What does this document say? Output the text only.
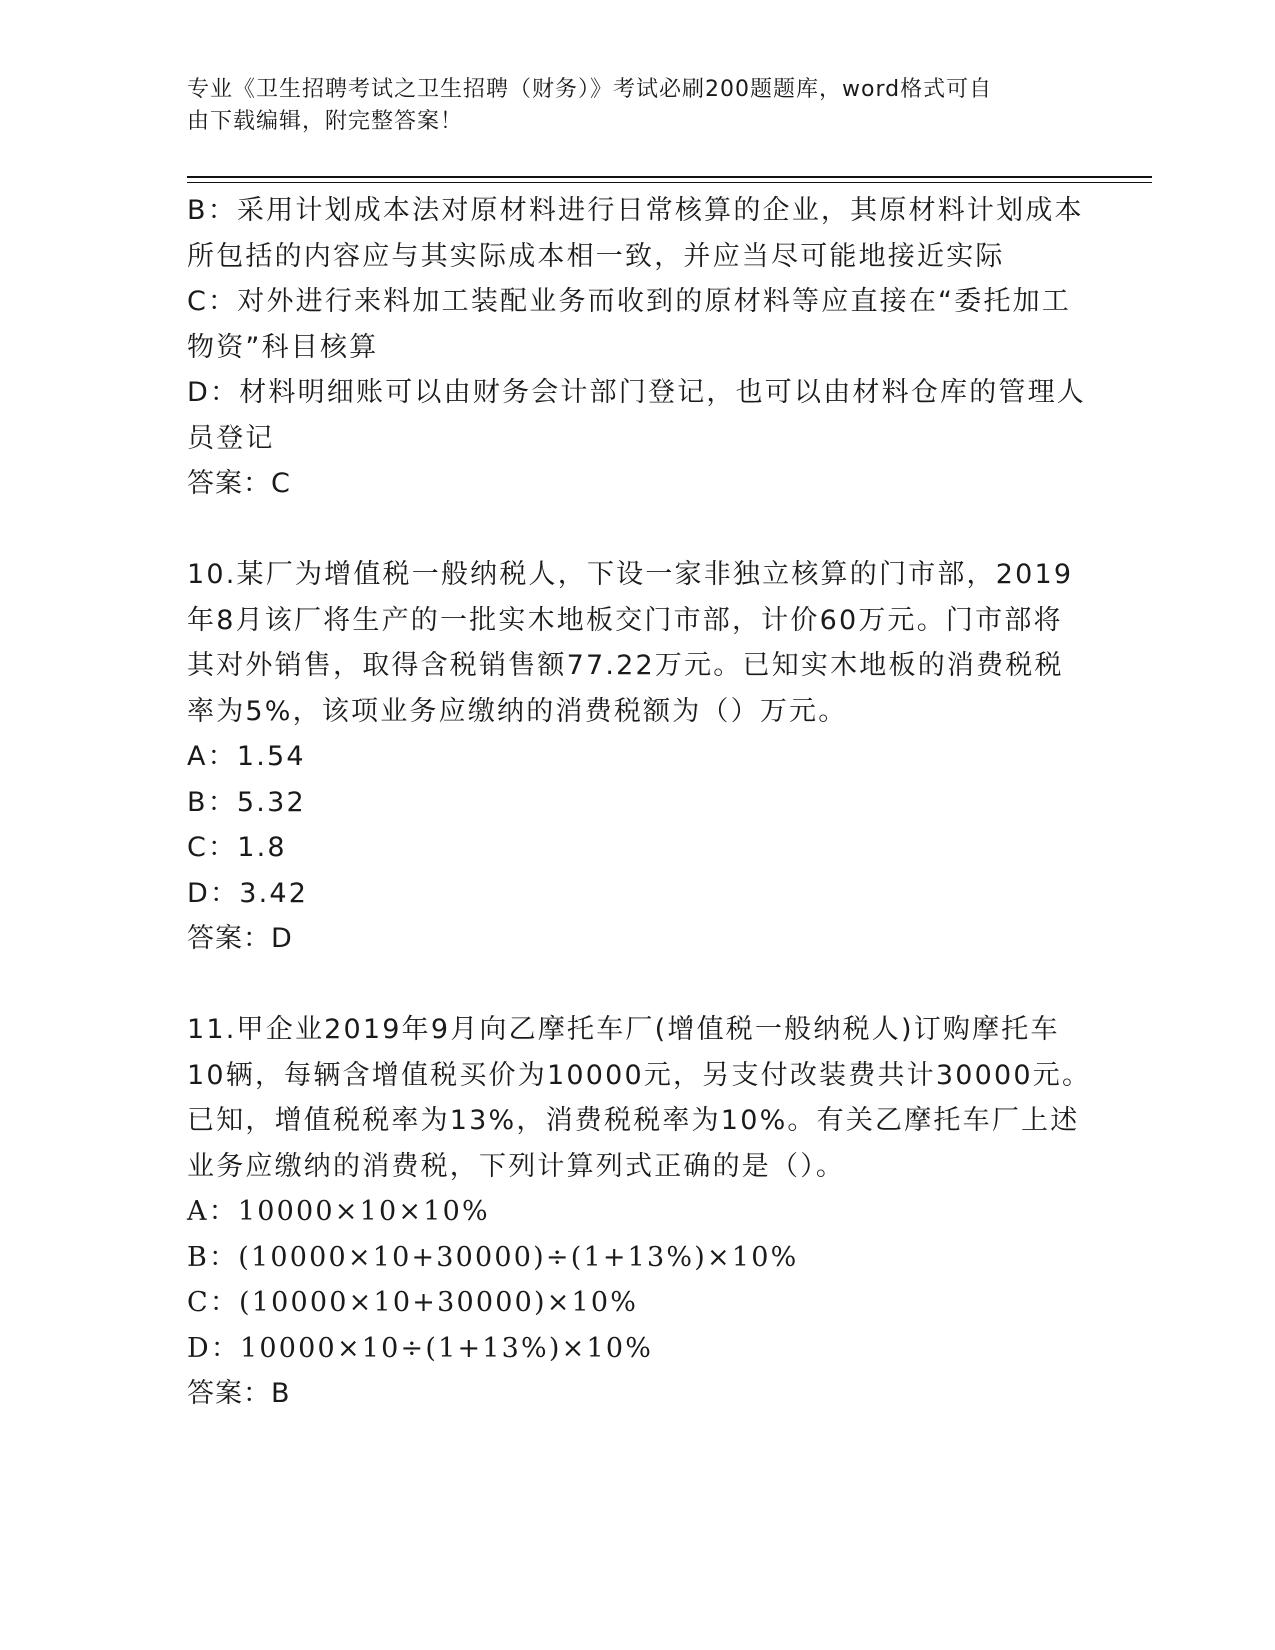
专业《卫生招聘考试之卫生招聘（财务）》考试必刷200题题库，word格式可自
由下载编辑，附完整答案！
B：采用计划成本法对原材料进行日常核算的企业，其原材料计划成本
所包括的内容应与其实际成本相一致，并应当尽可能地接近实际
C：对外进行来料加工装配业务而收到的原材料等应直接在“委托加工
物资”科目核算
D：材料明细账可以由财务会计部门登记，也可以由材料仓库的管理人
员登记
答案：C
10.某厂为增值税一般纳税人，下设一家非独立核算的门市部，2019
年8月该厂将生产的一批实木地板交门市部，计价60万元。门市部将
其对外销售，取得含税销售额77.22万元。已知实木地板的消费税税
率为5%，该项业务应缴纳的消费税额为（）万元。
A：1.54
B：5.32
C：1.8
D：3.42
答案：D
11.甲企业2019年9月向乙摩托车厂(增值税一般纳税人)订购摩托车
10辆，每辆含增值税买价为10000元，另支付改装费共计30000元。
已知，增值税税率为13%，消费税税率为10%。有关乙摩托车厂上述
业务应缴纳的消费税，下列计算列式正确的是（）。
A：10000×10×10%
B：(10000×10+30000)÷(1+13%)×10%
C：(10000×10+30000)×10%
D：10000×10÷(1+13%)×10%
答案：B
